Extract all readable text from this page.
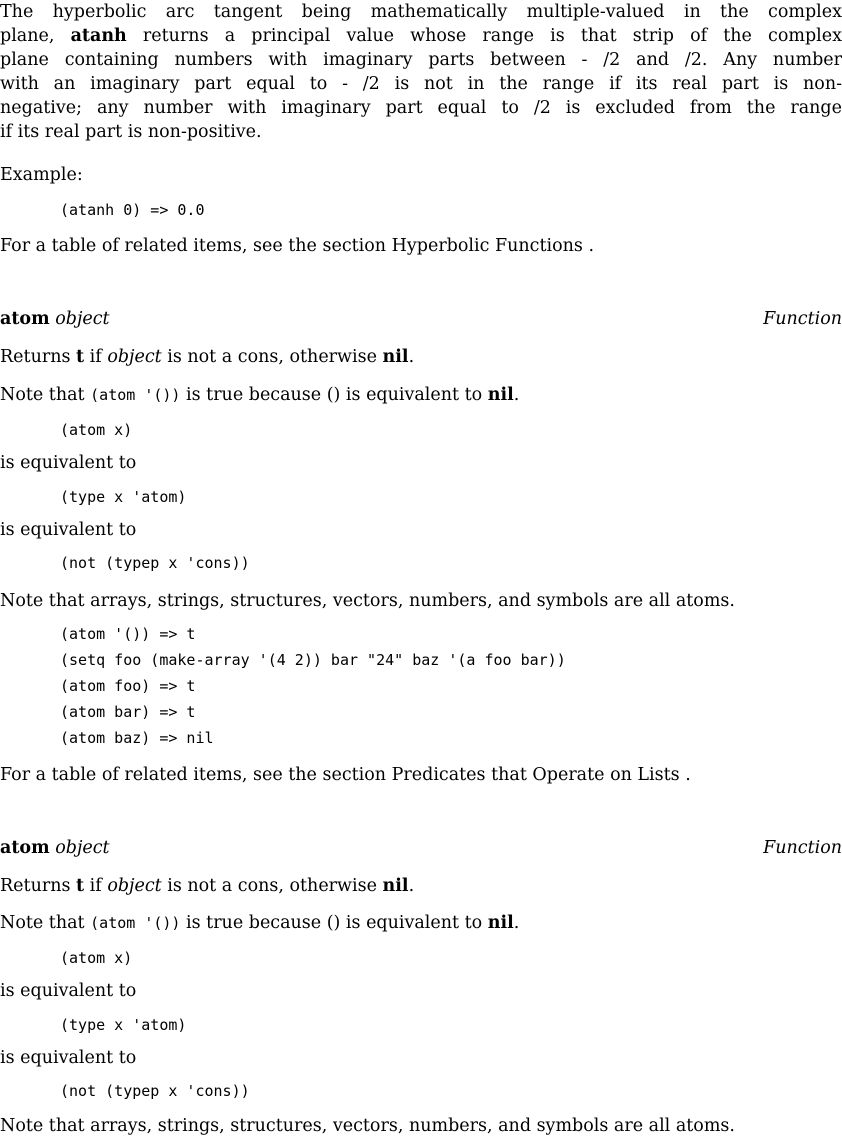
The hyperbolic arc tangent being mathematically multiple-valued in the complex
plane, atanh returns a principal value whose range is that strip of the complex
plane containing numbers with imaginary parts between - /2 and /2. Any number
with an imaginary part equal to - /2 is not in the range if its real part is non-
negative; any number with imaginary part equal to /2 is excluded from the range
if its real part is non-positive.
Example:
(atanh 0) => 0.0
For a table of related items, see the section Hyperbolic Functions .
atom object	Function
Returns t if object is not a cons, otherwise nil.
Note that (atom '()) is true because () is equivalent to nil.
(atom x)
is equivalent to
(type x 'atom)
is equivalent to
(not (typep x 'cons))
Note that arrays, strings, structures, vectors, numbers, and symbols are all atoms.
(atom '()) => t
(setq foo (make-array '(4 2)) bar "24" baz '(a foo bar))
(atom foo) => t
(atom bar) => t
(atom baz) => nil
For a table of related items, see the section Predicates that Operate on Lists .
atom object	Function
Returns t if object is not a cons, otherwise nil.
Note that (atom '()) is true because () is equivalent to nil.
(atom x)
is equivalent to
(type x 'atom)
is equivalent to
(not (typep x 'cons))
Note that arrays, strings, structures, vectors, numbers, and symbols are all atoms.
